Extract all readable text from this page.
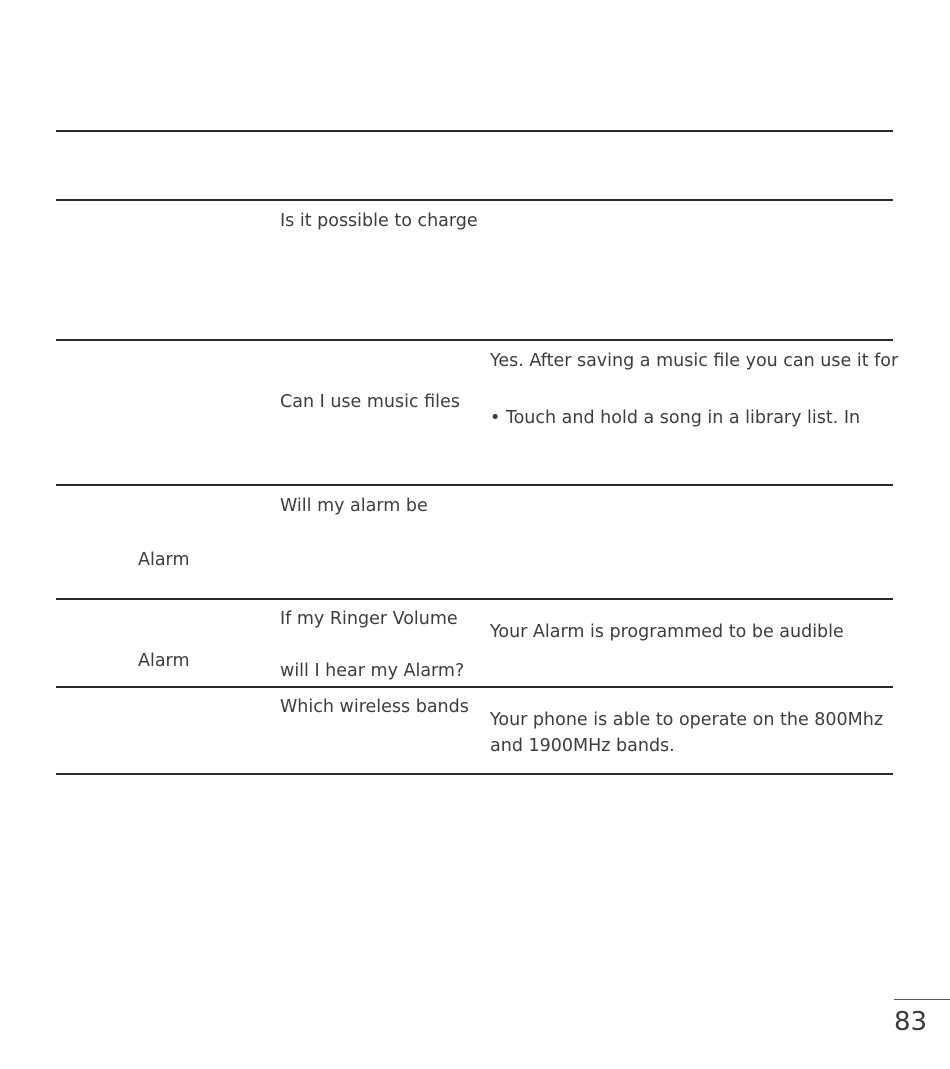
Is it possible to charge
Yes. After saving a music file you can use it for
Can I use music files
• Touch and hold a song in a library list. In
Will my alarm be
Alarm
If my Ringer Volume
Your Alarm is programmed to be audible
Alarm	will I hear my Alarm?
Which wireless bands
Your phone is able to operate on the 800Mhz
and 1900MHz bands.
83
